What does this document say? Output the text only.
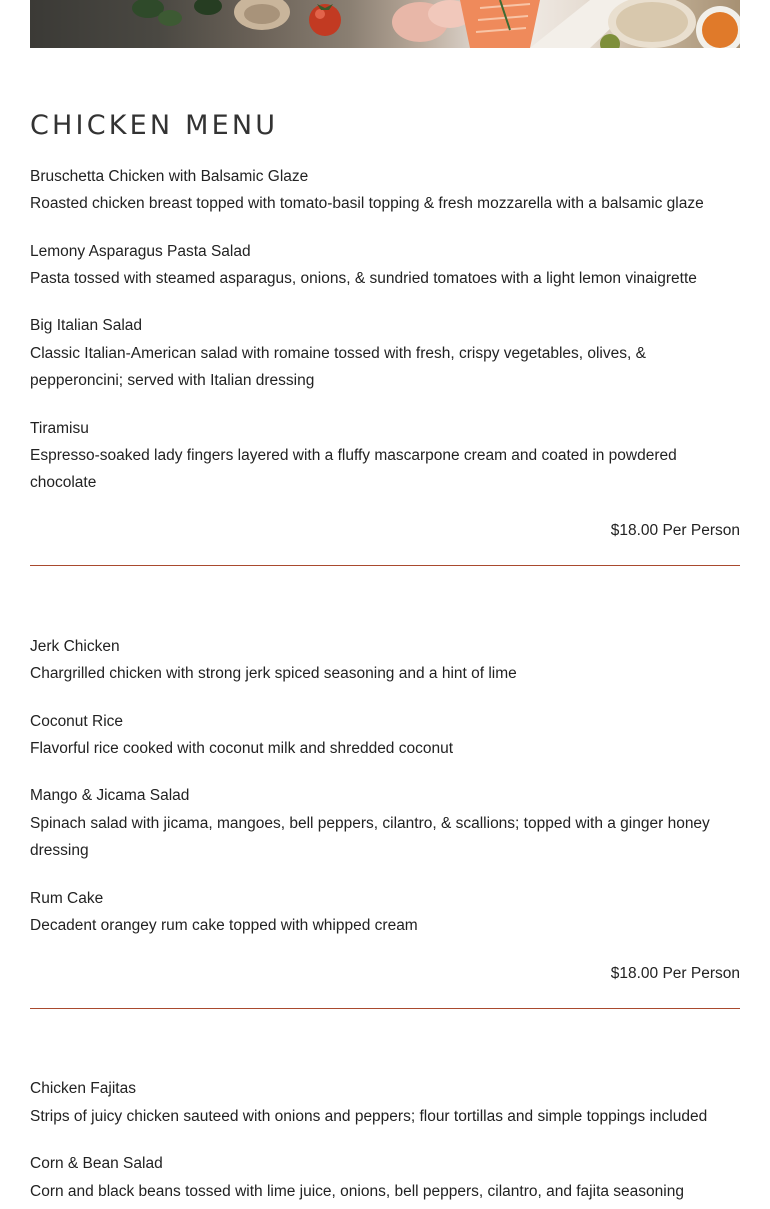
CHICKEN MENU
Bruschetta Chicken with Balsamic Glaze
Roasted chicken breast topped with tomato-basil topping & fresh mozzarella with a balsamic glaze
Lemony Asparagus Pasta Salad
Pasta tossed with steamed asparagus, onions, & sundried tomatoes with a light lemon vinaigrette
Big Italian Salad
Classic Italian-American salad with romaine tossed with fresh, crispy vegetables, olives, & pepperoncini; served with Italian dressing
Tiramisu
Espresso-soaked lady fingers layered with a fluffy mascarpone cream and coated in powdered chocolate
$18.00 Per Person
Jerk Chicken
Chargrilled chicken with strong jerk spiced seasoning and a hint of lime
Coconut Rice
Flavorful rice cooked with coconut milk and shredded coconut
Mango & Jicama Salad
Spinach salad with jicama, mangoes, bell peppers, cilantro, & scallions; topped with a ginger honey dressing
Rum Cake
Decadent orangey rum cake topped with whipped cream
$18.00 Per Person
Chicken Fajitas
Strips of juicy chicken sauteed with onions and peppers; flour tortillas and simple toppings included
Corn & Bean Salad
Corn and black beans tossed with lime juice, onions, bell peppers, cilantro, and fajita seasoning
